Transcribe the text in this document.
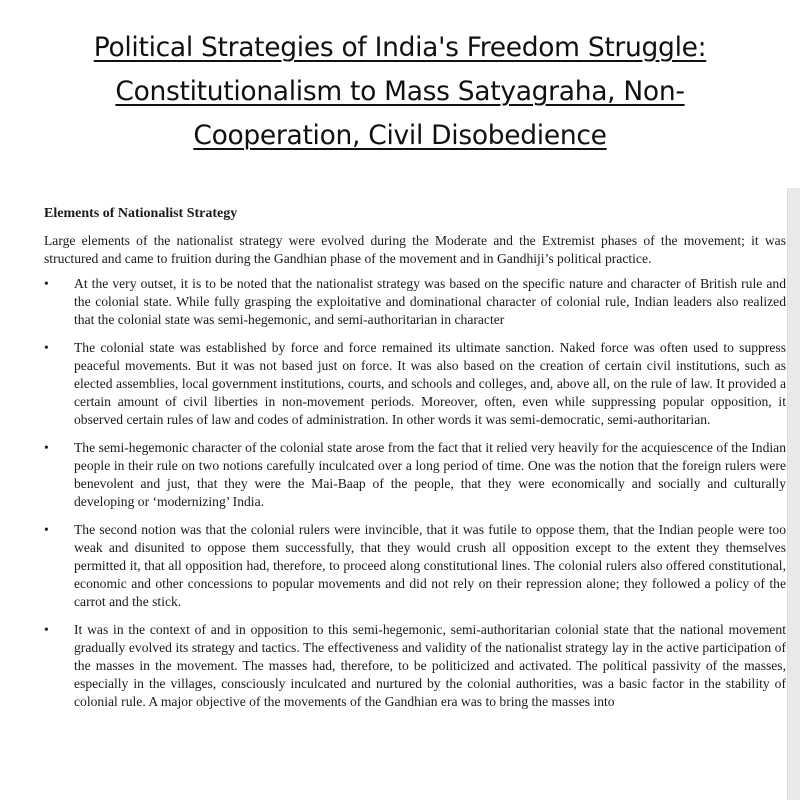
Political Strategies of India's Freedom Struggle:
Constitutionalism to Mass Satyagraha, Non-
Cooperation, Civil Disobedience
Elements of Nationalist Strategy

Large elements of the nationalist strategy were evolved during the Moderate and the Extremist phases of the movement; it was structured and came to fruition during the Gandhian phase of the movement and in Gandhiji’s political practice.

•	At the very outset, it is to be noted that the nationalist strategy was based on the specific nature and character of British rule and the colonial state. While fully grasping the exploitative and dominational character of colonial rule, Indian leaders also realized that the colonial state was semi-hegemonic, and semi-authoritarian in character
•	The colonial state was established by force and force remained its ultimate sanction. Naked force was often used to suppress peaceful movements. But it was not based just on force. It was also based on the creation of certain civil institutions, such as elected assemblies, local government institutions, courts, and schools and colleges, and, above all, on the rule of law. It provided a certain amount of civil liberties in non-movement periods. Moreover, often, even while suppressing popular opposition, it observed certain rules of law and codes of administration. In other words it was semi-democratic, semi-authoritarian.
•	The semi-hegemonic character of the colonial state arose from the fact that it relied very heavily for the acquiescence of the Indian people in their rule on two notions carefully inculcated over a long period of time. One was the notion that the foreign rulers were benevolent and just, that they were the Mai-Baap of the people, that they were economically and socially and culturally developing or ‘modernizing’ India.
•	The second notion was that the colonial rulers were invincible, that it was futile to oppose them, that the Indian people were too weak and disunited to oppose them successfully, that they would crush all opposition except to the extent they themselves permitted it, that all opposition had, therefore, to proceed along constitutional lines. The colonial rulers also offered constitutional, economic and other concessions to popular movements and did not rely on their repression alone; they followed a policy of the carrot and the stick.
•	It was in the context of and in opposition to this semi-hegemonic, semi-authoritarian colonial state that the national movement gradually evolved its strategy and tactics. The effectiveness and validity of the nationalist strategy lay in the active participation of the masses in the movement. The masses had, therefore, to be politicized and activated. The political passivity of the masses, especially in the villages, consciously inculcated and nurtured by the colonial authorities, was a basic factor in the stability of colonial rule. A major objective of the movements of the Gandhian era was to bring the masses into
